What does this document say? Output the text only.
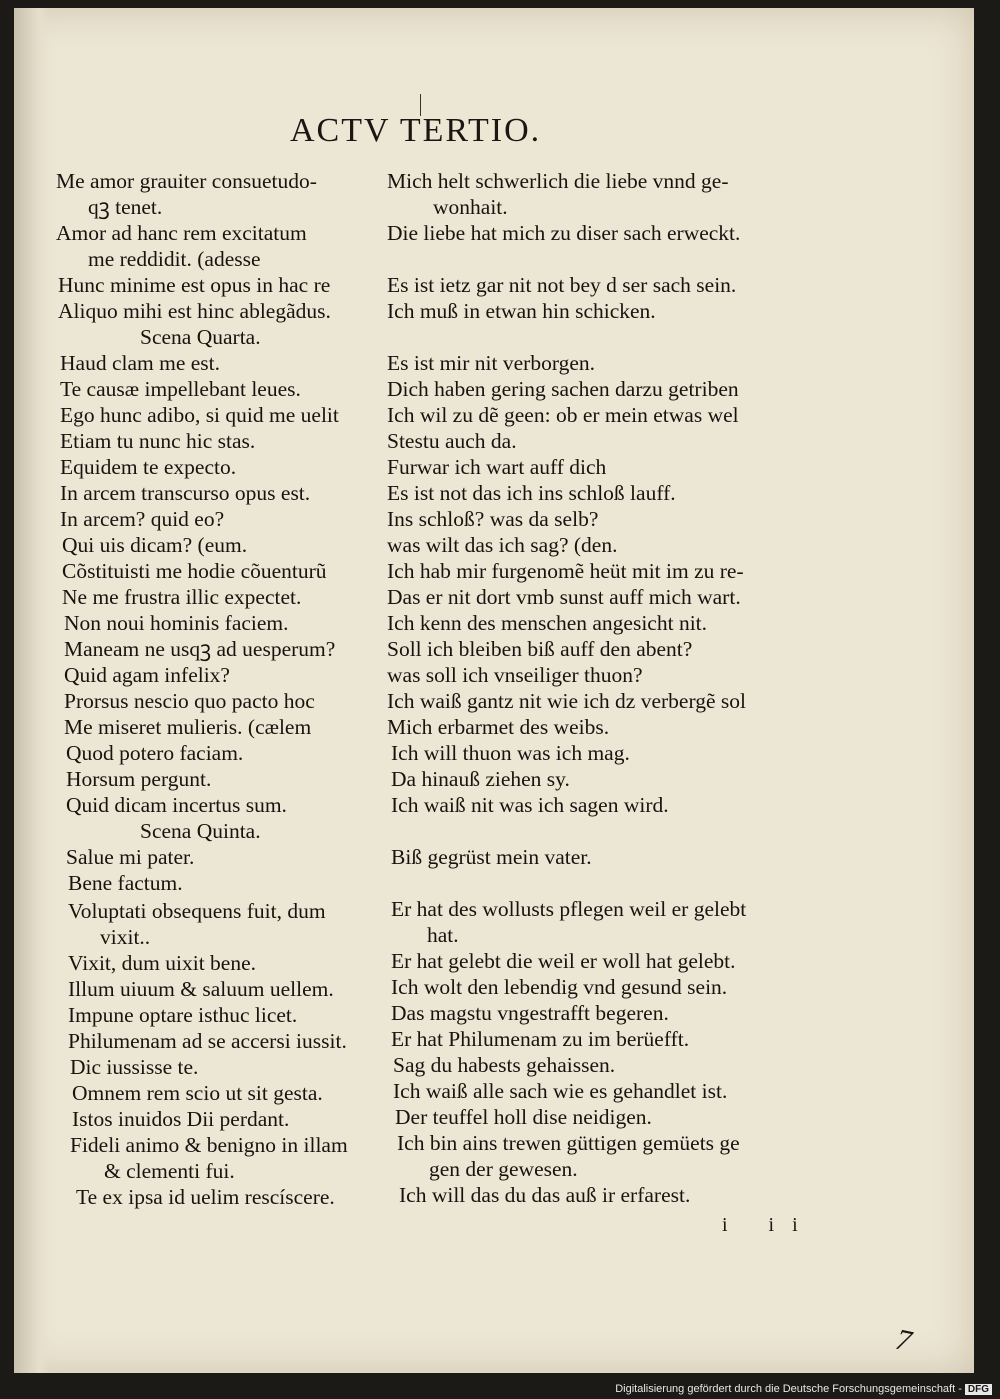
ACTV TERTIO.
Me amor grauiter consuetudo-
qꝫ tenet.
Amor ad hanc rem excitatum
me reddidit. (adesse
Hunc minime est opus in hac re
Aliquo mihi est hinc ablegãdus.
Scena Quarta.
Haud clam me est.
Te causæ impellebant leues.
Ego hunc adibo, si quid me uelit
Etiam tu nunc hic stas.
Equidem te expecto.
In arcem transcurso opus est.
In arcem? quid eo?
Qui uis dicam? (eum.
Cõstituisti me hodie cõuenturũ
Ne me frustra illic expectet.
Non noui hominis faciem.
Maneam ne usqꝫ ad uesperum?
Quid agam infelix?
Prorsus nescio quo pacto hoc
Me miseret mulieris. (cælem
Quod potero faciam.
Horsum pergunt.
Quid dicam incertus sum.
Scena Quinta.
Salue mi pater.
Bene factum.
Voluptati obsequens fuit, dum
vixit..
Vixit, dum uixit bene.
Illum uiuum & saluum uellem.
Impune optare isthuc licet.
Philumenam ad se accersi iussit.
Dic iussisse te.
Omnem rem scio ut sit gesta.
Istos inuidos Dii perdant.
Fideli animo & benigno in illam
& clementi fui.
Te ex ipsa id uelim rescíscere.
Mich helt schwerlich die liebe vnnd ge-
wonhait.
Die liebe hat mich zu diser sach erweckt.
Es ist ietz gar nit not bey d ser sach sein.
Ich muß in etwan hin schicken.
Es ist mir nit verborgen.
Dich haben gering sachen darzu getriben
Ich wil zu dẽ geen: ob er mein etwas wel
Stestu auch da.
Furwar ich wart auff dich
Es ist not das ich ins schloß lauff.
Ins schloß? was da selb?
was wilt das ich sag? (den.
Ich hab mir furgenomẽ heüt mit im zu re-
Das er nit dort vmb sunst auff mich wart.
Ich kenn des menschen angesicht nit.
Soll ich bleiben biß auff den abent?
was soll ich vnseiliger thuon?
Ich waiß gantz nit wie ich dz verbergẽ sol
Mich erbarmet des weibs.
Ich will thuon was ich mag.
Da hinauß ziehen sy.
Ich waiß nit was ich sagen wird.
Biß gegrüst mein vater.
Er hat des wollusts pflegen weil er gelebt
hat.
Er hat gelebt die weil er woll hat gelebt.
Ich wolt den lebendig vnd gesund sein.
Das magstu vngestrafft begeren.
Er hat Philumenam zu im berüefft.
Sag du habests gehaissen.
Ich waiß alle sach wie es gehandlet ist.
Der teuffel holl dise neidigen.
Ich bin ains trewen güttigen gemüets ge
gen der gewesen.
Ich will das du das auß ir erfarest.
i ii
7
Digitalisierung gefördert durch die Deutsche Forschungsgemeinschaft - DFG
